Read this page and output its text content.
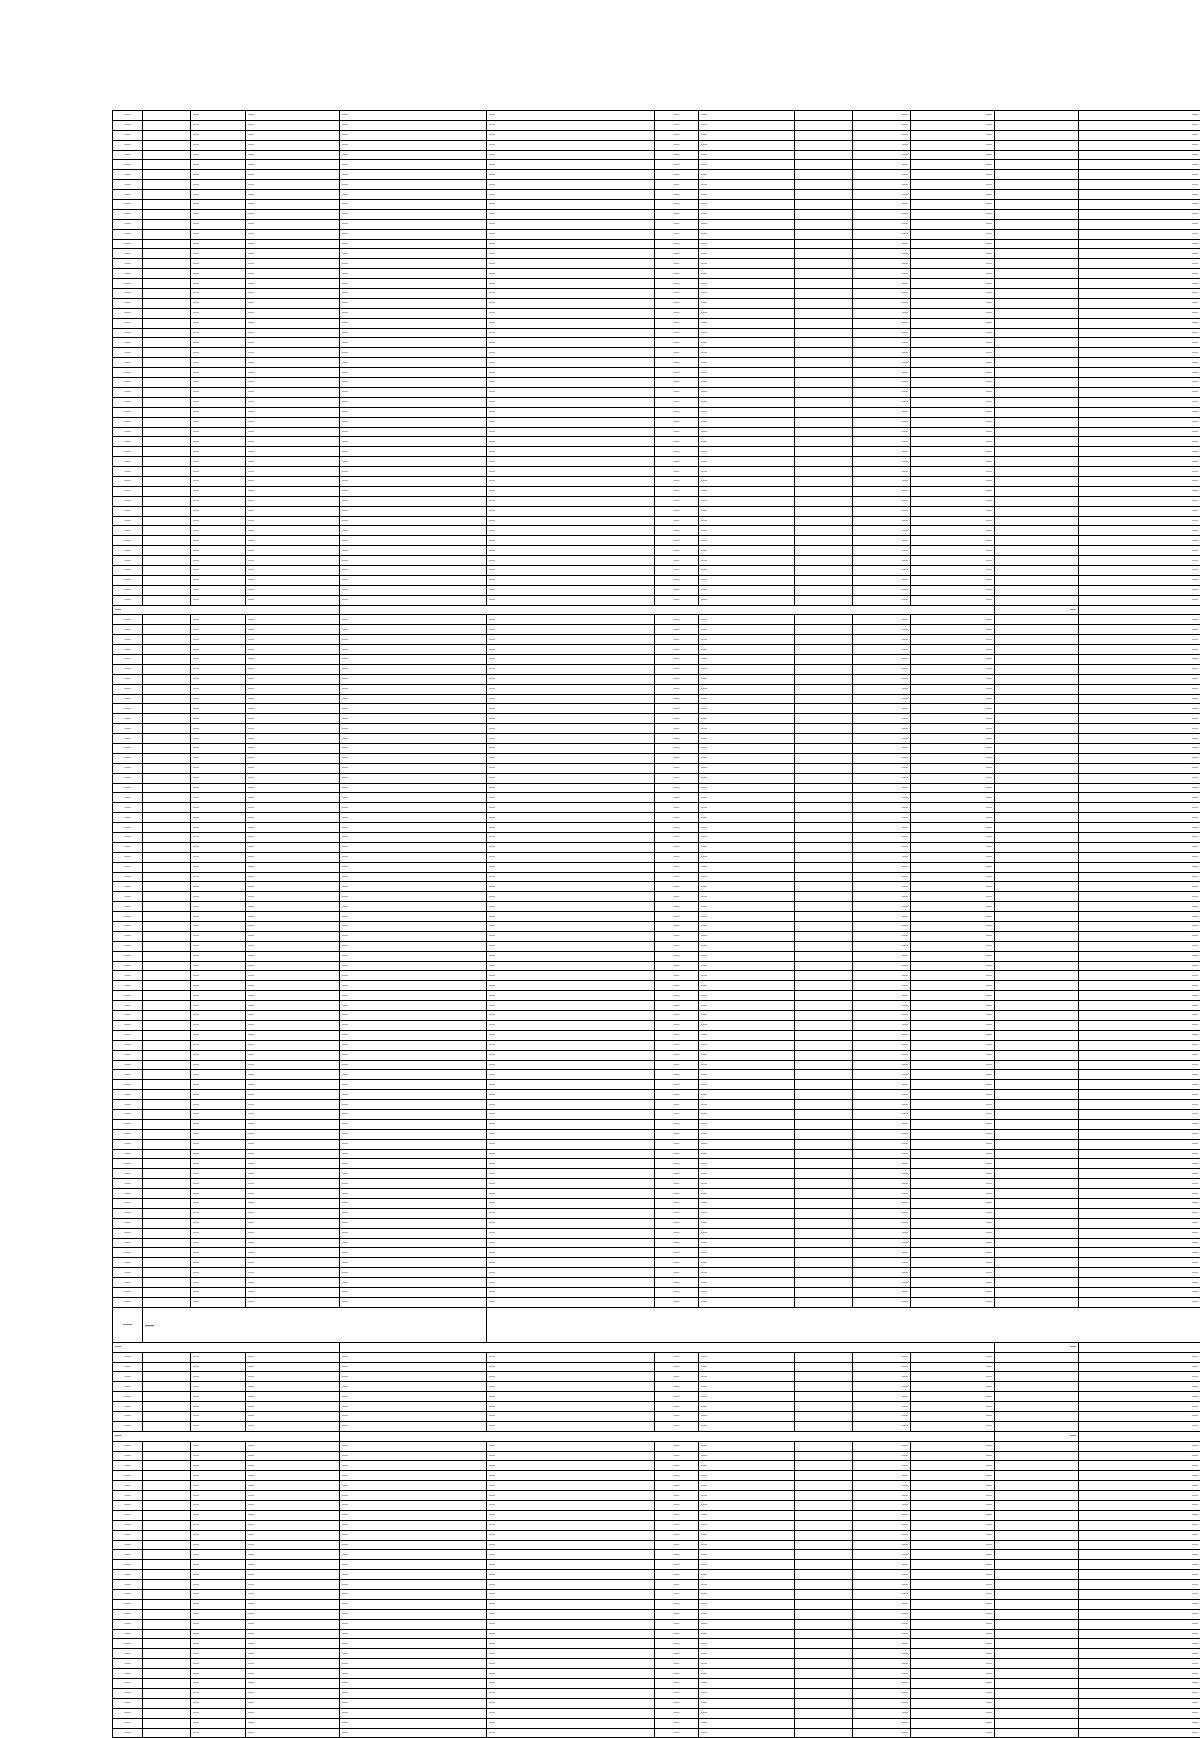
—		—	—	—	—	—	—		—	—		—
—		—	—	—	—	—	—		—	—		—
—		—	—	—	—	—	—		—	—		—
—		—	—	—	—	—	—		—	—		—
—		—	—	—	—	—	—		—	—		—
—		—	—	—	—	—	—		—	—		—
—		—	—	—	—	—	—		—	—		—
—		—	—	—	—	—	—		—	—		—
—		—	—	—	—	—	—		—	—		—
—		—	—	—	—	—	—		—	—		—
—		—	—	—	—	—	—		—	—		—
—		—	—	—	—	—	—		—	—		—
—		—	—	—	—	—	—		—	—		—
—		—	—	—	—	—	—		—	—		—
—		—	—	—	—	—	—		—	—		—
—		—	—	—	—	—	—		—	—		—
—		—	—	—	—	—	—		—	—		—
—		—	—	—	—	—	—		—	—		—
—		—	—	—	—	—	—		—	—		—
—		—	—	—	—	—	—		—	—		—
—		—	—	—	—	—	—		—	—		—
—		—	—	—	—	—	—		—	—		—
—		—	—	—	—	—	—		—	—		—
—		—	—	—	—	—	—		—	—		—
—		—	—	—	—	—	—		—	—		—
—		—	—	—	—	—	—		—	—		—
—		—	—	—	—	—	—		—	—		—
—		—	—	—	—	—	—		—	—		—
—		—	—	—	—	—	—		—	—		—
—		—	—	—	—	—	—		—	—		—
—		—	—	—	—	—	—		—	—		—
—		—	—	—	—	—	—		—	—		—
—		—	—	—	—	—	—		—	—		—
—		—	—	—	—	—	—		—	—		—
—		—	—	—	—	—	—		—	—		—
—		—	—	—	—	—	—		—	—		—
—		—	—	—	—	—	—		—	—		—
—		—	—	—	—	—	—		—	—		—
—		—	—	—	—	—	—		—	—		—
—		—	—	—	—	—	—		—	—		—
—		—	—	—	—	—	—		—	—		—
—		—	—	—	—	—	—		—	—		—
—		—	—	—	—	—	—		—	—		—
—		—	—	—	—	—	—		—	—		—
—		—	—	—	—	—	—		—	—		—
—		—	—	—	—	—	—		—	—		—
—		—	—	—	—	—	—		—	—		—
—		—	—	—	—	—	—		—	—		—
—		—	—	—	—	—	—		—	—		—
—		—	—	—	—	—	—		—	—		—
—											—	
—		—	—	—	—	—	—		—	—		—
—		—	—	—	—	—	—		—	—		—
—		—	—	—	—	—	—		—	—		—
—		—	—	—	—	—	—		—	—		—
—		—	—	—	—	—	—		—	—		—
—		—	—	—	—	—	—		—	—		—
—		—	—	—	—	—	—		—	—		—
—		—	—	—	—	—	—		—	—		—
—		—	—	—	—	—	—		—	—		—
—		—	—	—	—	—	—		—	—		—
—		—	—	—	—	—	—		—	—		—
—		—	—	—	—	—	—		—	—		—
—		—	—	—	—	—	—		—	—		—
—		—	—	—	—	—	—		—	—		—
—		—	—	—	—	—	—		—	—		—
—		—	—	—	—	—	—		—	—		—
—		—	—	—	—	—	—		—	—		—
—		—	—	—	—	—	—		—	—		—
—		—	—	—	—	—	—		—	—		—
—		—	—	—	—	—	—		—	—		—
—		—	—	—	—	—	—		—	—		—
—		—	—	—	—	—	—		—	—		—
—		—	—	—	—	—	—		—	—		—
—		—	—	—	—	—	—		—	—		—
—		—	—	—	—	—	—		—	—		—
—		—	—	—	—	—	—		—	—		—
—		—	—	—	—	—	—		—	—		—
—		—	—	—	—	—	—		—	—		—
—		—	—	—	—	—	—		—	—		—
—		—	—	—	—	—	—		—	—		—
—		—	—	—	—	—	—		—	—		—
—		—	—	—	—	—	—		—	—		—
—		—	—	—	—	—	—		—	—		—
—		—	—	—	—	—	—		—	—		—
—		—	—	—	—	—	—		—	—		—
—		—	—	—	—	—	—		—	—		—
—		—	—	—	—	—	—		—	—		—
—		—	—	—	—	—	—		—	—		—
—		—	—	—	—	—	—		—	—		—
—		—	—	—	—	—	—		—	—		—
—		—	—	—	—	—	—		—	—		—
—		—	—	—	—	—	—		—	—		—
—		—	—	—	—	—	—		—	—		—
—		—	—	—	—	—	—		—	—		—
—		—	—	—	—	—	—		—	—		—
—		—	—	—	—	—	—		—	—		—
—		—	—	—	—	—	—		—	—		—
—		—	—	—	—	—	—		—	—		—
—		—	—	—	—	—	—		—	—		—
—		—	—	—	—	—	—		—	—		—
—		—	—	—	—	—	—		—	—		—
—		—	—	—	—	—	—		—	—		—
—		—	—	—	—	—	—		—	—		—
—		—	—	—	—	—	—		—	—		—
—		—	—	—	—	—	—		—	—		—
—		—	—	—	—	—	—		—	—		—
—		—	—	—	—	—	—		—	—		—
—		—	—	—	—	—	—		—	—		—
—		—	—	—	—	—	—		—	—		—
—		—	—	—	—	—	—		—	—		—
—		—	—	—	—	—	—		—	—		—
—		—	—	—	—	—	—		—	—		—
—		—	—	—	—	—	—		—	—		—
—		—	—	—	—	—	—		—	—		—
—		—	—	—	—	—	—		—	—		—
—		—	—	—	—	—	—		—	—		—
—		—	—	—	—	—	—		—	—		—
—		—	—	—	—	—	—		—	—		—
—		—	—	—	—	—	—		—	—		—
—		—	—	—	—	—	—		—	—		—
—	—											
—											—	
—		—	—	—	—	—	—		—	—		—
—		—	—	—	—	—	—		—	—		—
—		—	—	—	—	—	—		—	—		—
—		—	—	—	—	—	—		—	—		—
—		—	—	—	—	—	—		—	—		—
—		—	—	—	—	—	—		—	—		—
—		—	—	—	—	—	—		—	—		—
—		—	—	—	—	—	—		—	—		—
—											—	
—		—	—	—	—	—	—		—	—		—
—		—	—	—	—	—	—		—	—		—
—		—	—	—	—	—	—		—	—		—
—		—	—	—	—	—	—		—	—		—
—		—	—	—	—	—	—		—	—		—
—		—	—	—	—	—	—		—	—		—
—		—	—	—	—	—	—		—	—		—
—		—	—	—	—	—	—		—	—		—
—		—	—	—	—	—	—		—	—		—
—		—	—	—	—	—	—		—	—		—
—		—	—	—	—	—	—		—	—		—
—		—	—	—	—	—	—		—	—		—
—		—	—	—	—	—	—		—	—		—
—		—	—	—	—	—	—		—	—		—
—		—	—	—	—	—	—		—	—		—
—		—	—	—	—	—	—		—	—		—
—		—	—	—	—	—	—		—	—		—
—		—	—	—	—	—	—		—	—		—
—		—	—	—	—	—	—		—	—		—
—		—	—	—	—	—	—		—	—		—
—		—	—	—	—	—	—		—	—		—
—		—	—	—	—	—	—		—	—		—
—		—	—	—	—	—	—		—	—		—
—		—	—	—	—	—	—		—	—		—
—		—	—	—	—	—	—		—	—		—
—		—	—	—	—	—	—		—	—		—
—		—	—	—	—	—	—		—	—		—
—		—	—	—	—	—	—		—	—		—
—		—	—	—	—	—	—		—	—		—
—		—	—	—	—	—	—		—	—		—
